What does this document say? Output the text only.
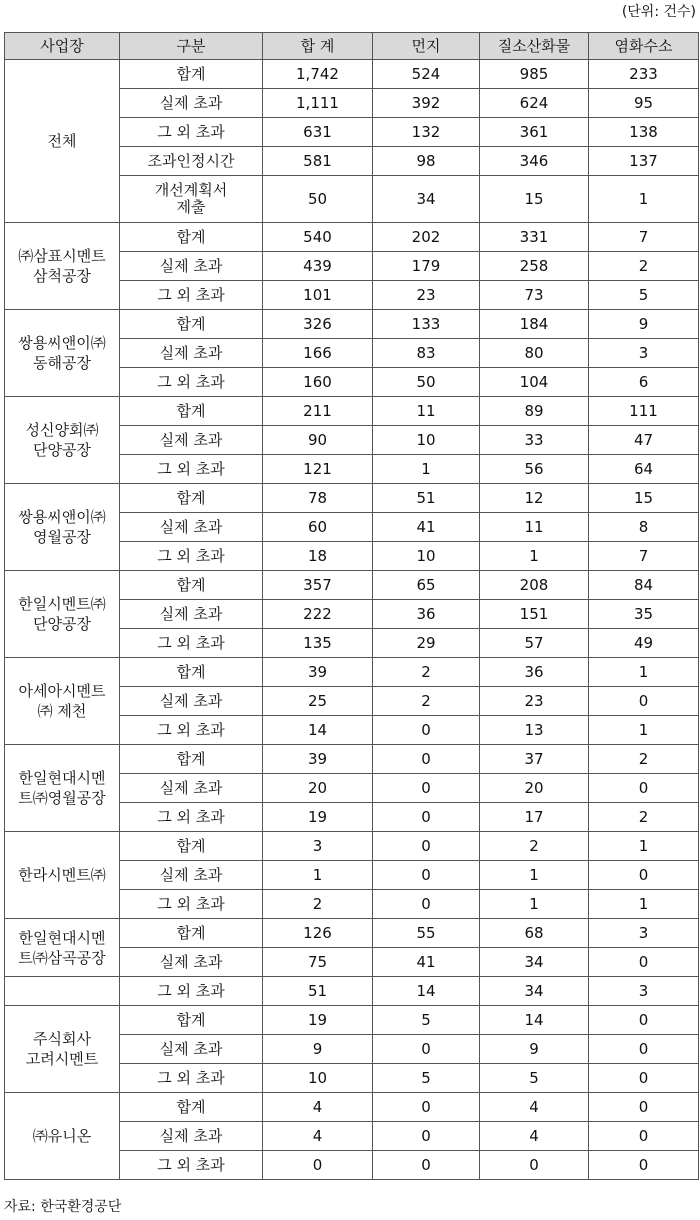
(단위: 건수)
사업장	구분	합 계	먼지	질소산화물	염화수소
전체	합계	1,742	524	985	233
	실제 초과	1,111	392	624	95
	그 외 초과	631	132	361	138
	조과인정시간	581	98	346	137
	개선계획서
제출	50	34	15	1
㈜삼표시멘트
삼척공장	합계	540	202	331	7
	실제 초과	439	179	258	2
	그 외 초과	101	23	73	5
쌍용씨앤이㈜
동해공장	합계	326	133	184	9
	실제 초과	166	83	80	3
	그 외 초과	160	50	104	6
성신양회㈜
단양공장	합계	211	11	89	111
	실제 초과	90	10	33	47
	그 외 초과	121	1	56	64
쌍용씨앤이㈜
영월공장	합계	78	51	12	15
	실제 초과	60	41	11	8
	그 외 초과	18	10	1	7
한일시멘트㈜
단양공장	합계	357	65	208	84
	실제 초과	222	36	151	35
	그 외 초과	135	29	57	49
아세아시멘트
㈜ 제천	합계	39	2	36	1
	실제 초과	25	2	23	0
	그 외 초과	14	0	13	1
한일현대시멘
트㈜영월공장	합계	39	0	37	2
	실제 초과	20	0	20	0
	그 외 초과	19	0	17	2
한라시멘트㈜	합계	3	0	2	1
	실제 초과	1	0	1	0
	그 외 초과	2	0	1	1
한일현대시멘
트㈜삼곡공장	합계	126	55	68	3
	실제 초과	75	41	34	0
	그 외 초과	51	14	34	3
주식회사
고려시멘트	합계	19	5	14	0
	실제 초과	9	0	9	0
	그 외 초과	10	5	5	0
㈜유니온	합계	4	0	4	0
	실제 초과	4	0	4	0
	그 외 초과	0	0	0	0
자료: 한국환경공단
